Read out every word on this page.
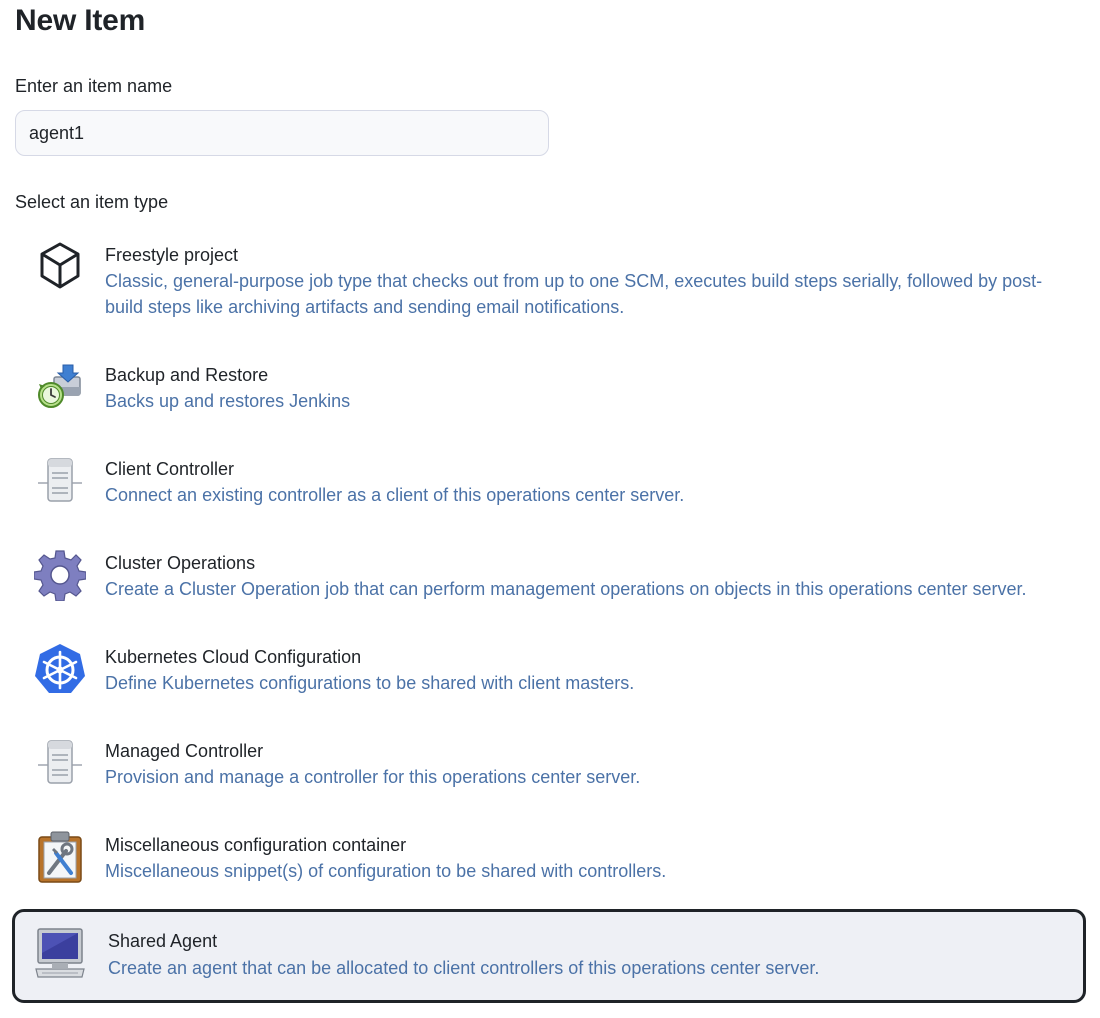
New Item
Enter an item name
agent1
Select an item type
Freestyle project
Classic, general-purpose job type that checks out from up to one SCM, executes build steps serially, followed by post-build steps like archiving artifacts and sending email notifications.
Backup and Restore
Backs up and restores Jenkins
Client Controller
Connect an existing controller as a client of this operations center server.
Cluster Operations
Create a Cluster Operation job that can perform management operations on objects in this operations center server.
Kubernetes Cloud Configuration
Define Kubernetes configurations to be shared with client masters.
Managed Controller
Provision and manage a controller for this operations center server.
Miscellaneous configuration container
Miscellaneous snippet(s) of configuration to be shared with controllers.
Shared Agent
Create an agent that can be allocated to client controllers of this operations center server.
